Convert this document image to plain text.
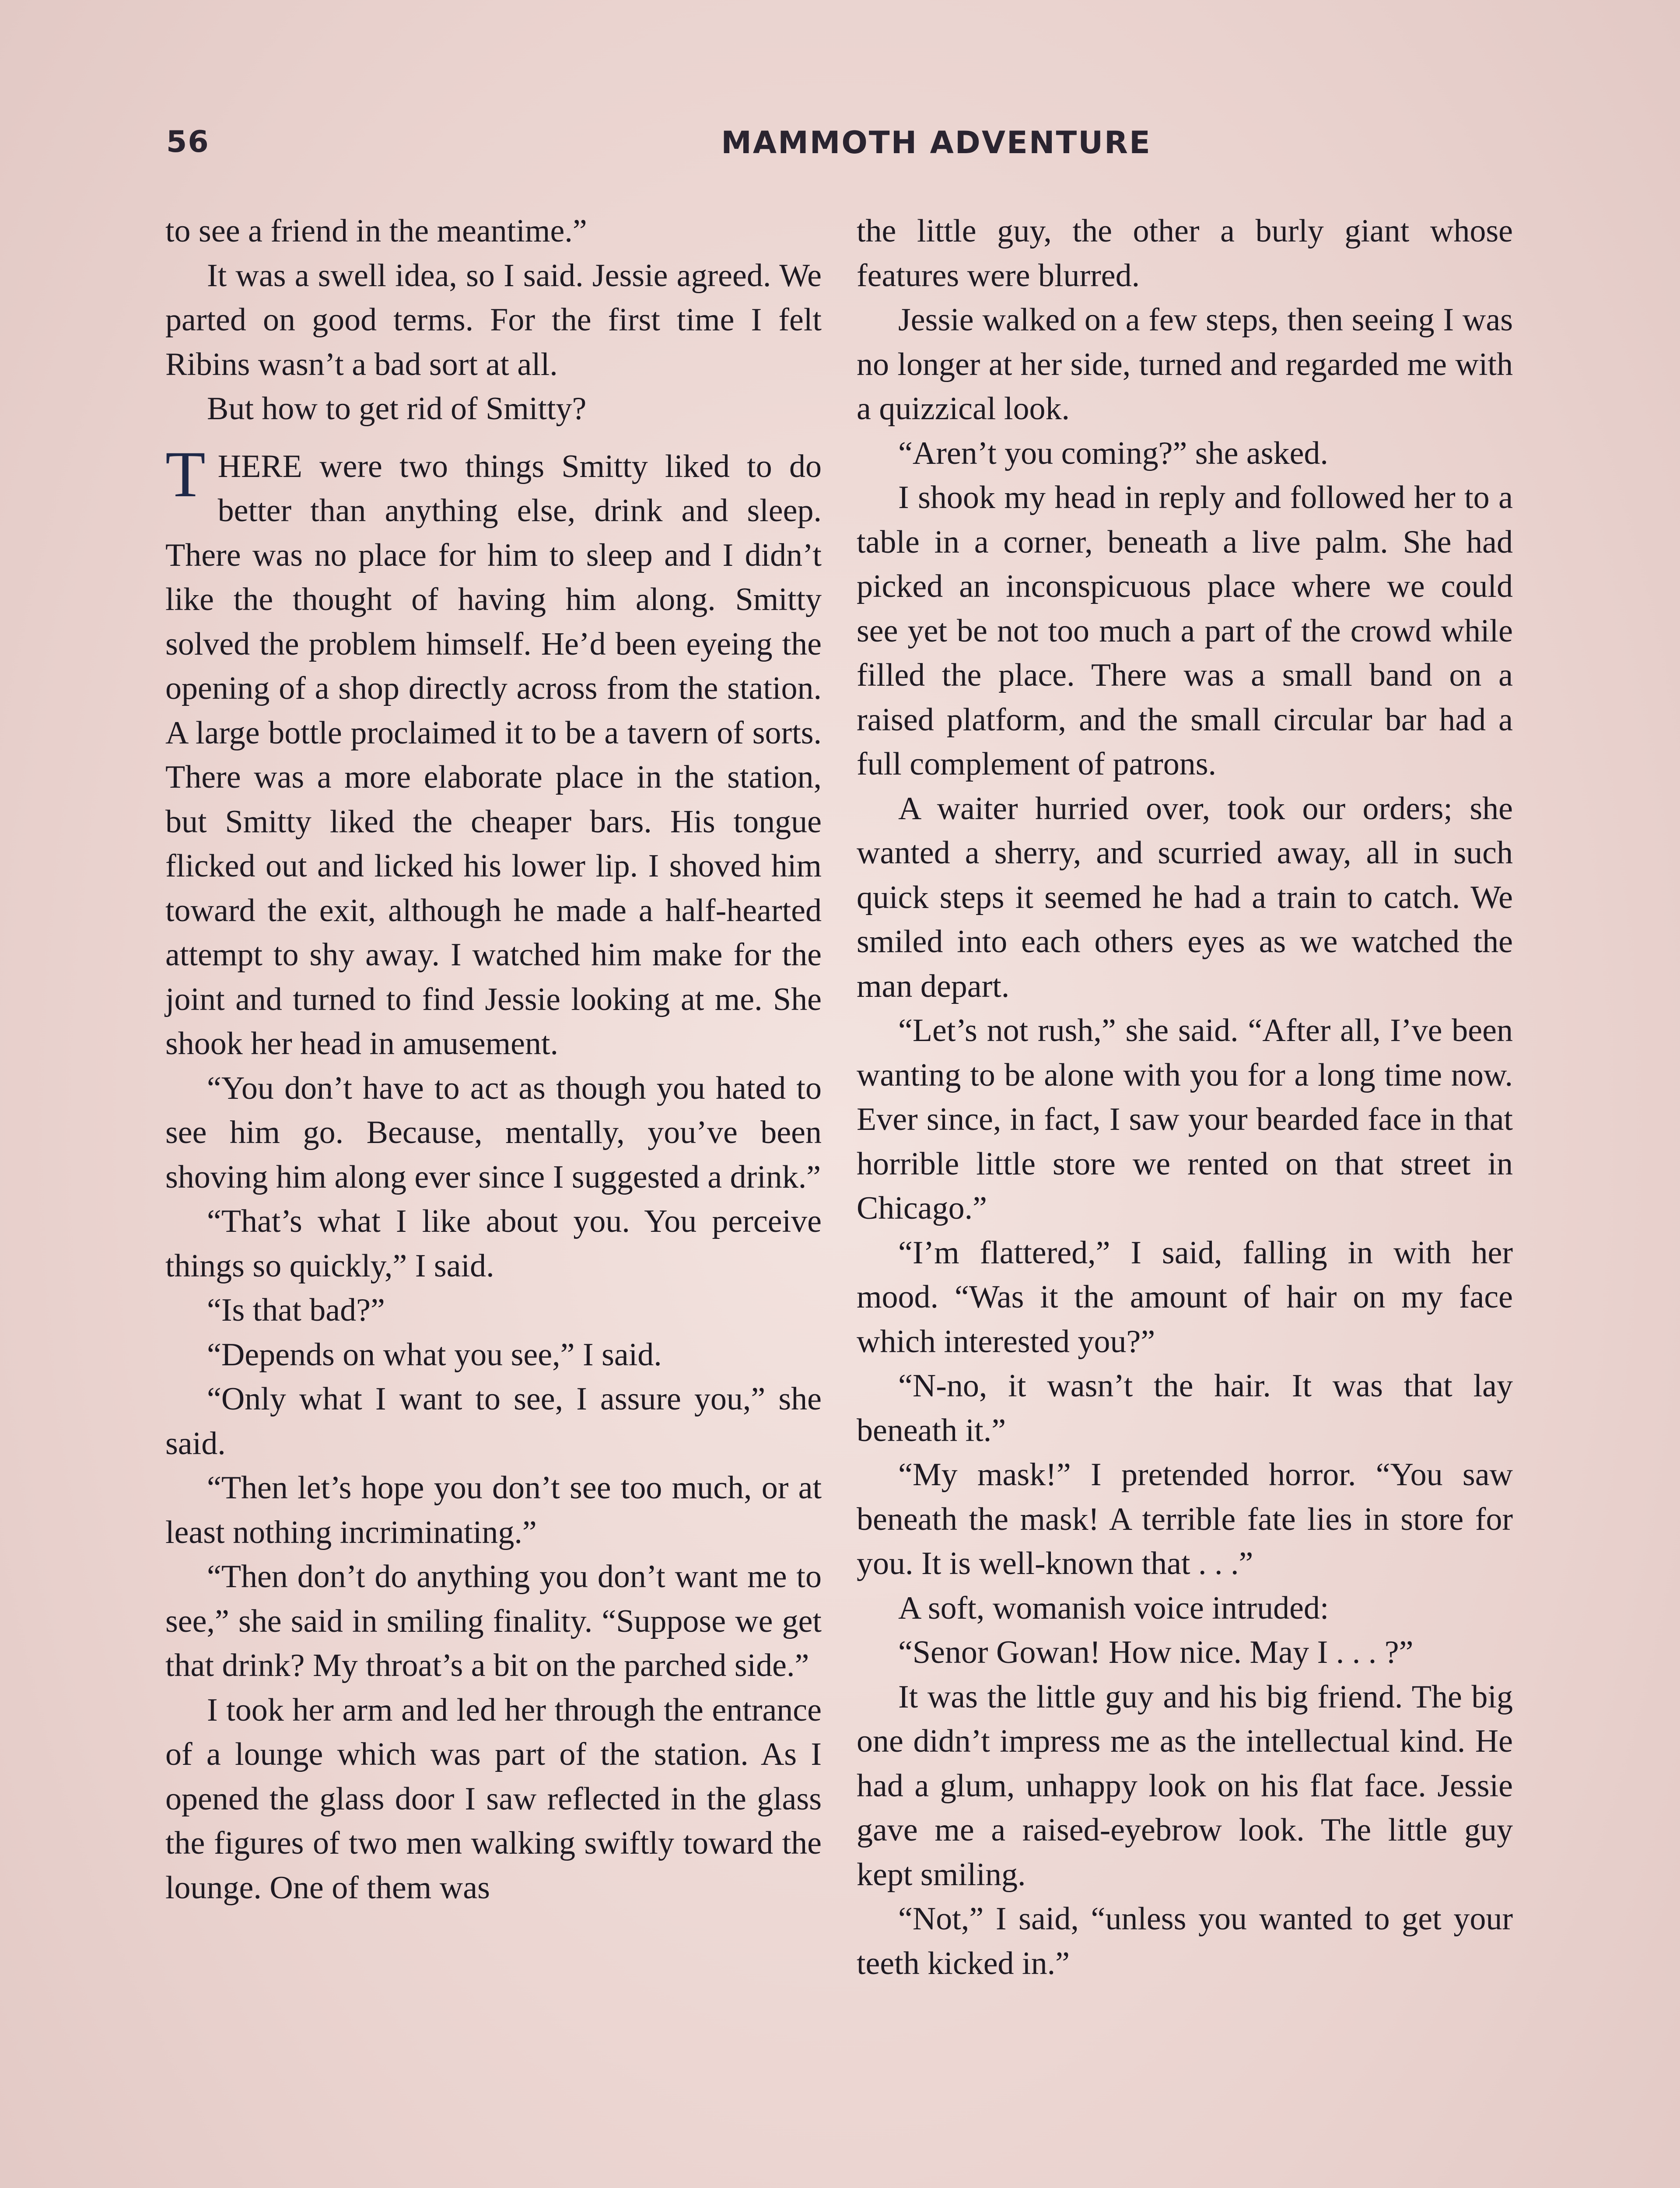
56	MAMMOTH ADVENTURE

to see a friend in the meantime.”

It was a swell idea, so I said. Jessie agreed. We parted on good terms. For the first time I felt Ribins wasn’t a bad sort at all.

But how to get rid of Smitty?

THERE were two things Smitty liked to do better than anything else, drink and sleep. There was no place for him to sleep and I didn’t like the thought of having him along. Smitty solved the problem himself. He’d been eyeing the opening of a shop directly across from the station. A large bottle proclaimed it to be a tavern of sorts. There was a more elaborate place in the station, but Smitty liked the cheaper bars. His tongue flicked out and licked his lower lip. I shoved him toward the exit, although he made a half-hearted attempt to shy away. I watched him make for the joint and turned to find Jessie looking at me. She shook her head in amusement.

“You don’t have to act as though you hated to see him go. Because, mentally, you’ve been shoving him along ever since I suggested a drink.”

“That’s what I like about you. You perceive things so quickly,” I said.

“Is that bad?”

“Depends on what you see,” I said.

“Only what I want to see, I assure you,” she said.

“Then let’s hope you don’t see too much, or at least nothing incriminating.”

“Then don’t do anything you don’t want me to see,” she said in smiling finality. “Suppose we get that drink? My throat’s a bit on the parched side.”

I took her arm and led her through the entrance of a lounge which was part of the station. As I opened the glass door I saw reflected in the glass the figures of two men walking swiftly toward the lounge. One of them was

the little guy, the other a burly giant whose features were blurred.

Jessie walked on a few steps, then seeing I was no longer at her side, turned and regarded me with a quizzical look.

“Aren’t you coming?” she asked.

I shook my head in reply and followed her to a table in a corner, beneath a live palm. She had picked an inconspicuous place where we could see yet be not too much a part of the crowd while filled the place. There was a small band on a raised platform, and the small circular bar had a full complement of patrons.

A waiter hurried over, took our orders; she wanted a sherry, and scurried away, all in such quick steps it seemed he had a train to catch. We smiled into each others eyes as we watched the man depart.

“Let’s not rush,” she said. “After all, I’ve been wanting to be alone with you for a long time now. Ever since, in fact, I saw your bearded face in that horrible little store we rented on that street in Chicago.”

“I’m flattered,” I said, falling in with her mood. “Was it the amount of hair on my face which interested you?”

“N-no, it wasn’t the hair. It was that lay beneath it.”

“My mask!” I pretended horror. “You saw beneath the mask! A terrible fate lies in store for you. It is well-known that . . .”

A soft, womanish voice intruded:

“Senor Gowan! How nice. May I . . . ?”

It was the little guy and his big friend. The big one didn’t impress me as the intellectual kind. He had a glum, unhappy look on his flat face. Jessie gave me a raised-eyebrow look. The little guy kept smiling.

“Not,” I said, “unless you wanted to get your teeth kicked in.”
